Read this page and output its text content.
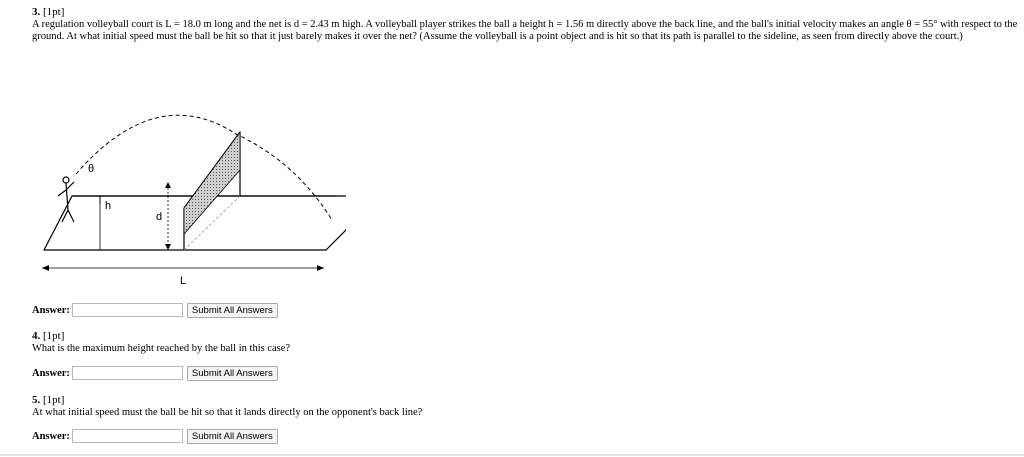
3. [1pt]
A regulation volleyball court is L = 18.0 m long and the net is d = 2.43 m high. A volleyball player strikes the ball a height h = 1.56 m directly above the back line, and the ball's initial velocity makes an angle θ = 55° with respect to the ground. At what initial speed must the ball be hit so that it just barely makes it over the net? (Assume the volleyball is a point object and is hit so that its path is parallel to the sideline, as seen from directly above the court.)
θ
h
d
L
Answer:	Submit All Answers
4. [1pt]
What is the maximum height reached by the ball in this case?
Answer:	Submit All Answers
5. [1pt]
At what initial speed must the ball be hit so that it lands directly on the opponent's back line?
Answer:	Submit All Answers
